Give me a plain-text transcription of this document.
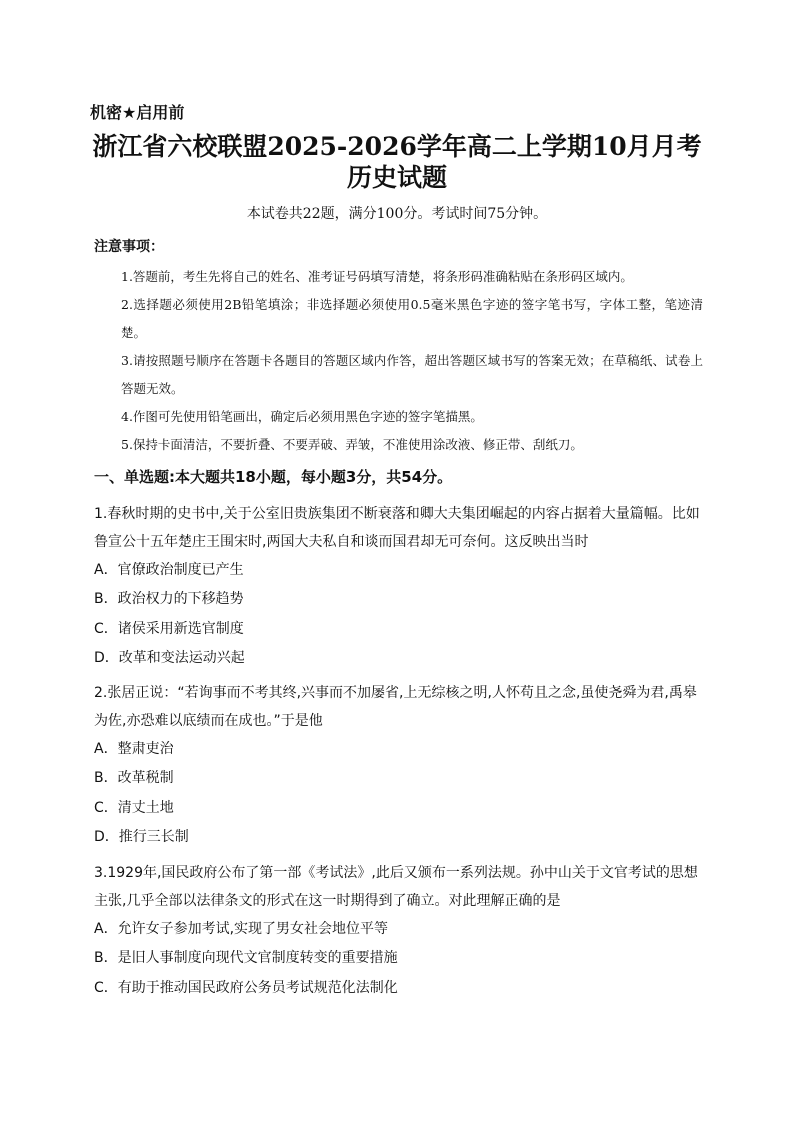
机密★启用前
浙江省六校联盟2025-2026学年高二上学期10月月考历史试题
本试卷共22题，满分100分。考试时间75分钟。
注意事项：

1.答题前，考生先将自己的姓名、准考证号码填写清楚，将条形码准确粘贴在条形码区域内。

2.选择题必须使用2B铅笔填涂；非选择题必须使用0.5毫米黑色字迹的签字笔书写，字体工整，笔迹清楚。

3.请按照题号顺序在答题卡各题目的答题区域内作答，超出答题区域书写的答案无效；在草稿纸、试卷上答题无效。

4.作图可先使用铅笔画出，确定后必须用黑色字迹的签字笔描黑。

5.保持卡面清洁，不要折叠、不要弄破、弄皱，不准使用涂改液、修正带、刮纸刀。

一、单选题:本大题共18小题，每小题3分，共54分。

1.春秋时期的史书中,关于公室旧贵族集团不断衰落和卿大夫集团崛起的内容占据着大量篇幅。比如鲁宣公十五年楚庄王围宋时,两国大夫私自和谈而国君却无可奈何。这反映出当时

A．官僚政治制度已产生

B．政治权力的下移趋势

C．诸侯采用新选官制度

D．改革和变法运动兴起

2.张居正说：“若询事而不考其终,兴事而不加屡省,上无综核之明,人怀苟且之念,虽使尧舜为君,禹皋为佐,亦恐难以底绩而在成也。”于是他

A．整肃吏治

B．改革税制

C．清丈土地

D．推行三长制

3.1929年,国民政府公布了第一部《考试法》,此后又颁布一系列法规。孙中山关于文官考试的思想主张,几乎全部以法律条文的形式在这一时期得到了确立。对此理解正确的是

A．允许女子参加考试,实现了男女社会地位平等

B．是旧人事制度向现代文官制度转变的重要措施

C．有助于推动国民政府公务员考试规范化法制化
